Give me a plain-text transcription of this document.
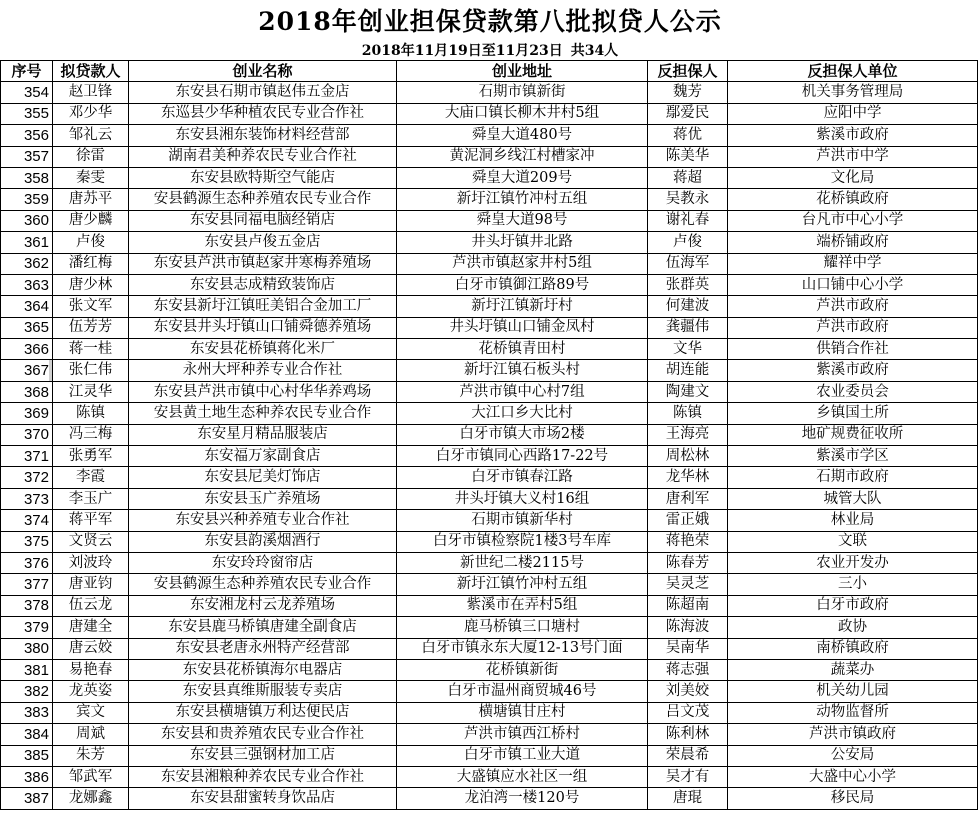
2018年创业担保贷款第八批拟贷人公示
2018年11月19日至11月23日 共34人
序号	拟贷款人	创业名称	创业地址	反担保人	反担保人单位
354	赵卫锋	东安县石期市镇赵伟五金店	石期市镇新街	魏芳	机关事务管理局
355	邓少华	东巡县少华种植农民专业合作社	大庙口镇长柳木井村5组	鄢爱民	应阳中学
356	邹礼云	东安县湘东装饰材料经营部	舜皇大道480号	蒋优	紫溪市政府
357	徐雷	湖南君美种养农民专业合作社	黄泥洞乡线江村槽家冲	陈美华	芦洪市中学
358	秦雯	东安县欧特斯空气能店	舜皇大道209号	蒋超	文化局
359	唐苏平	安县鹤源生态种养殖农民专业合作	新圩江镇竹冲村五组	吴教永	花桥镇政府
360	唐少麟	东安县同福电脑经销店	舜皇大道98号	谢礼春	台凡市中心小学
361	卢俊	东安县卢俊五金店	井头圩镇井北路	卢俊	端桥铺政府
362	潘红梅	东安县芦洪市镇赵家井寒梅养殖场	芦洪市镇赵家井村5组	伍海军	耀祥中学
363	唐少林	东安县志成精致装饰店	白牙市镇御江路89号	张群英	山口铺中心小学
364	张文军	东安县新圩江镇旺美铝合金加工厂	新圩江镇新圩村	何建波	芦洪市政府
365	伍芳芳	东安县井头圩镇山口铺舜德养殖场	井头圩镇山口铺金凤村	龚疆伟	芦洪市政府
366	蒋一桂	东安县花桥镇蒋化米厂	花桥镇青田村	文华	供销合作社
367	张仁伟	永州大坪种养专业合作社	新圩江镇石板头村	胡连能	紫溪市政府
368	江灵华	东安县芦洪市镇中心村华华养鸡场	芦洪市镇中心村7组	陶建文	农业委员会
369	陈镇	安县黄土地生态种养农民专业合作	大江口乡大比村	陈镇	乡镇国土所
370	冯三梅	东安星月精品服装店	白牙市镇大市场2楼	王海亮	地矿规费征收所
371	张勇军	东安福万家副食店	白牙市镇同心西路17-22号	周松林	紫溪市学区
372	李霞	东安县尼美灯饰店	白牙市镇春江路	龙华林	石期市政府
373	李玉广	东安县玉广养殖场	井头圩镇大义村16组	唐利军	城管大队
374	蒋平军	东安县兴种养殖专业合作社	石期市镇新华村	雷正娥	林业局
375	文贤云	东安县韵溪烟酒行	白牙市镇检察院1楼3号车库	蒋艳荣	文联
376	刘波玲	东安玲玲窗帘店	新世纪二楼2115号	陈春芳	农业开发办
377	唐亚钧	安县鹤源生态种养殖农民专业合作	新圩江镇竹冲村五组	吴灵芝	三小
378	伍云龙	东安湘龙村云龙养殖场	紫溪市在弄村5组	陈超南	白牙市政府
379	唐建全	东安县鹿马桥镇唐建全副食店	鹿马桥镇三口塘村	陈海波	政协
380	唐云姣	东安县老唐永州特产经营部	白牙市镇永东大厦12-13号门面	吴南华	南桥镇政府
381	易艳春	东安县花桥镇海尔电器店	花桥镇新街	蒋志强	蔬菜办
382	龙英姿	东安县真维斯服装专卖店	白牙市温州商贸城46号	刘美姣	机关幼儿园
383	宾文	东安县横塘镇万利达便民店	横塘镇甘庄村	吕文茂	动物监督所
384	周斌	东安县和贵养殖农民专业合作社	芦洪市镇西江桥村	陈利林	芦洪市镇政府
385	朱芳	东安县三强钢材加工店	白牙市镇工业大道	荣晨希	公安局
386	邹武军	东安县湘粮种养农民专业合作社	大盛镇应水社区一组	吴才有	大盛中心小学
387	龙娜鑫	东安县甜蜜转身饮品店	龙泊湾一楼120号	唐琨	移民局
